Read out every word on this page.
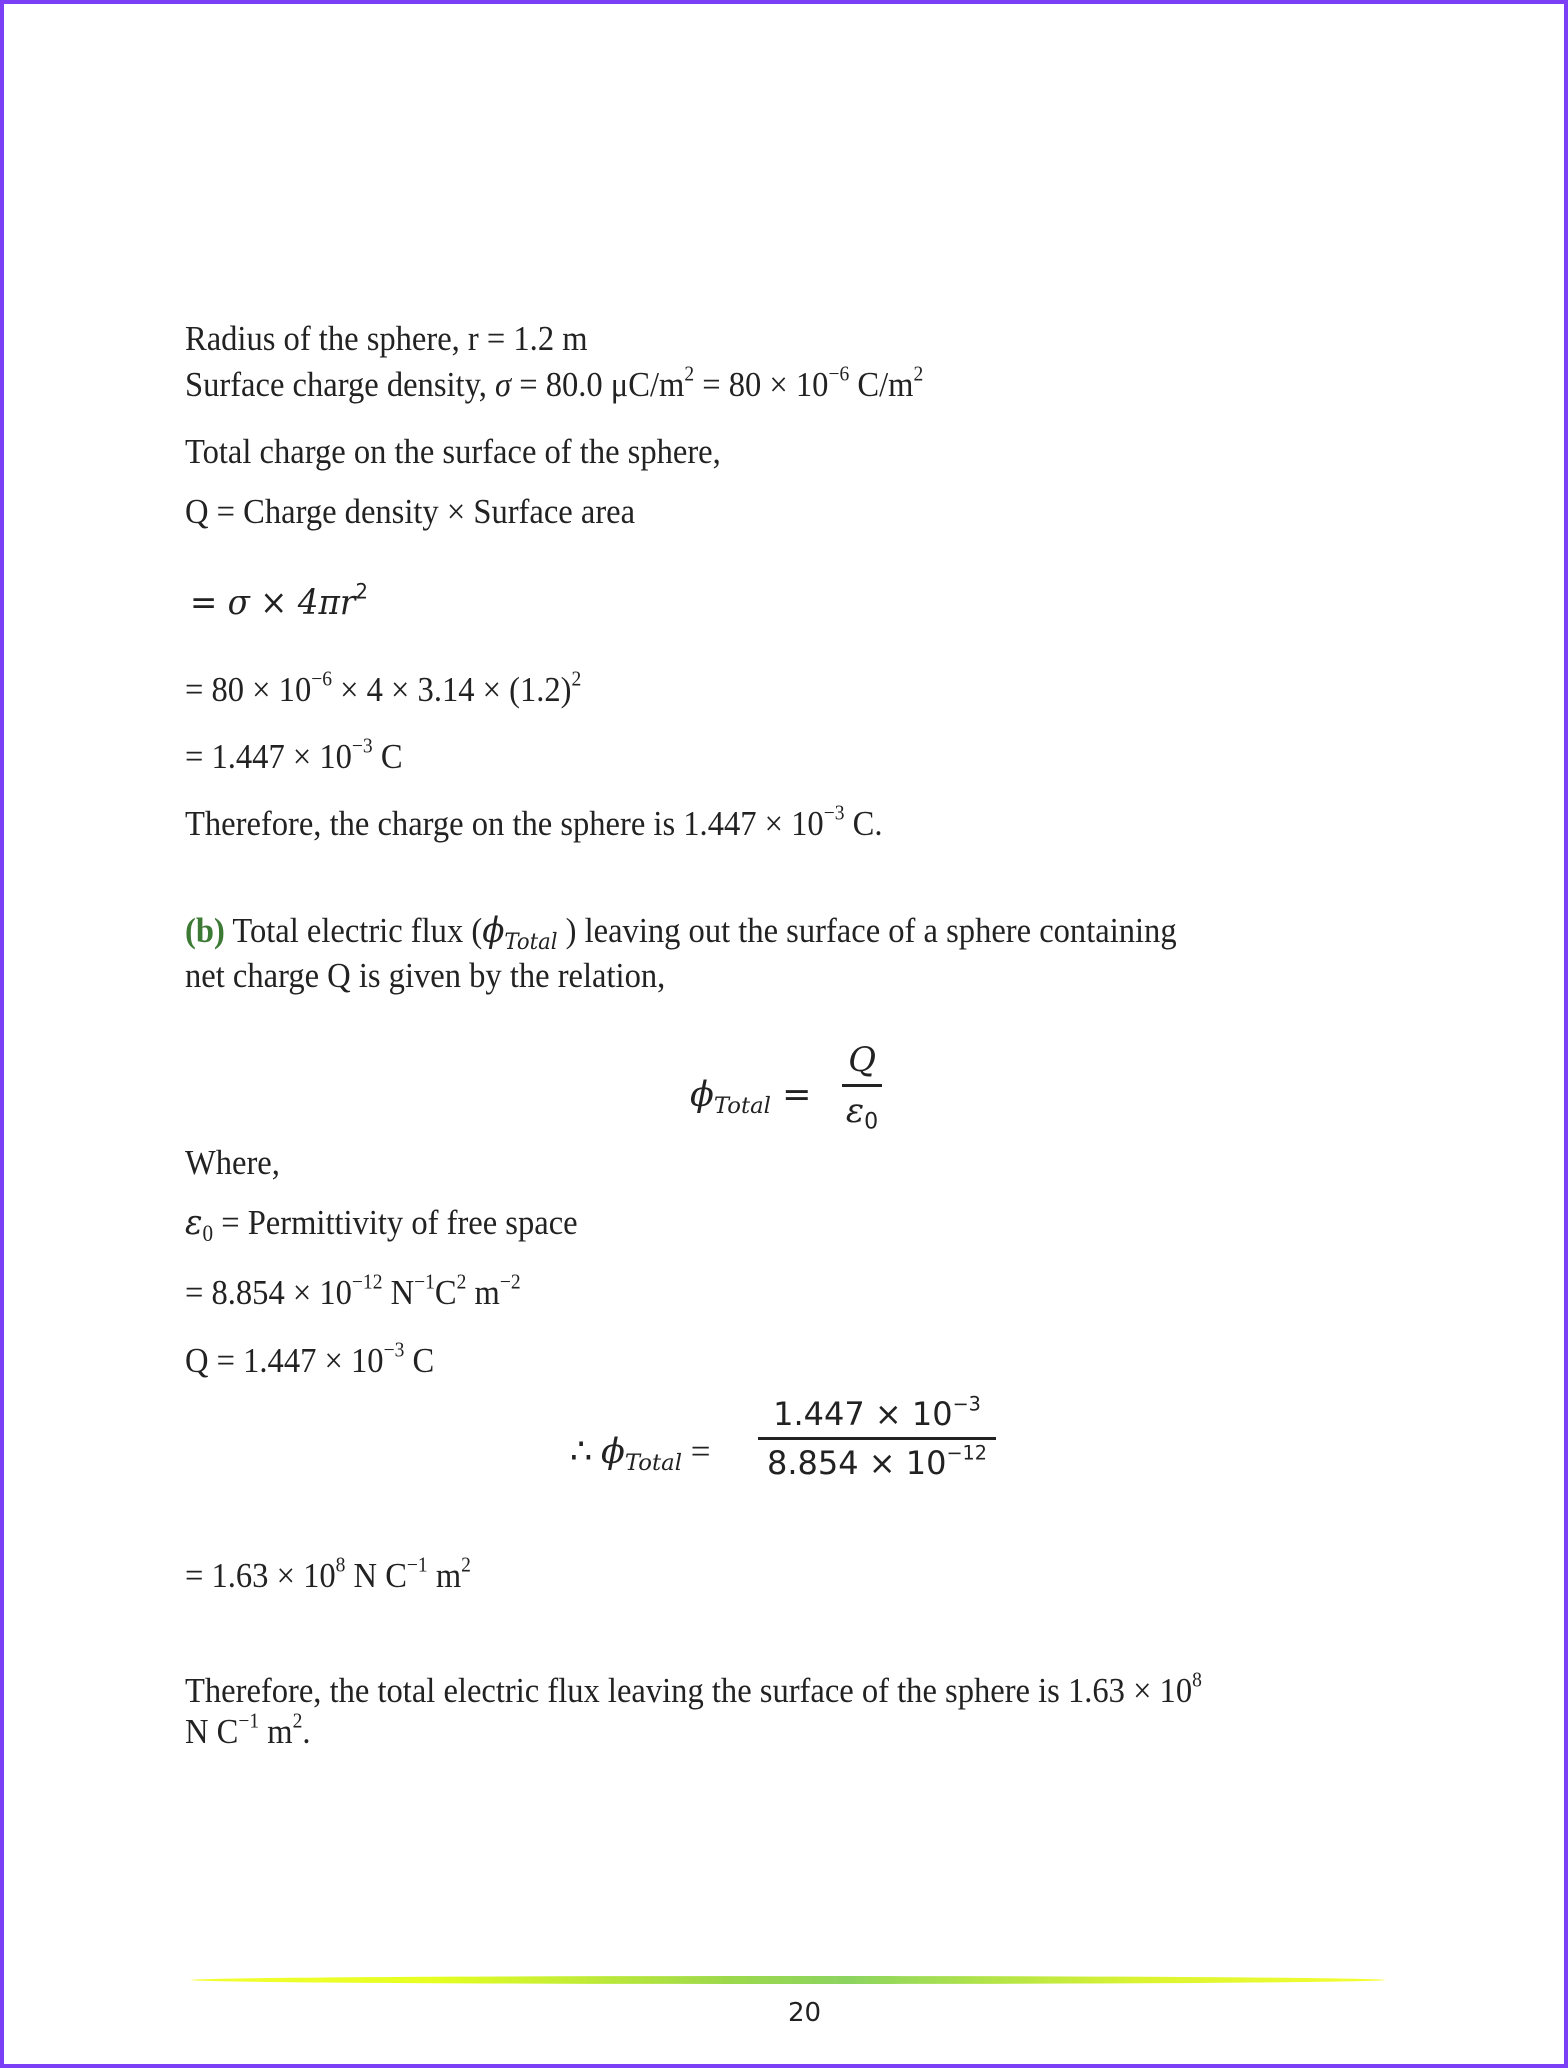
Radius of the sphere, r = 1.2 m
Surface charge density, σ = 80.0 $\mu C/m^2 = 80 \times 10^{-6}$ $C/m^2$
Total charge on the surface of the sphere,
Q = Charge density × Surface area
= $\sigma \times 4\pi r^2$
= $80 \times 10^{-6} \times 4 \times 3.14 \times (1.2)^2$
= $1.447 \times 10^{-3}$ C
Therefore, the charge on the sphere is $1.447 \times 10^{-3}$ C.
(b) Total electric flux ($\phi_{Total}$ ) leaving out the surface of a sphere containing
net charge Q is given by the relation,
$\phi_{Total}$ =
Q
$\varepsilon_0$
Where,
$\varepsilon_0$ = Permittivity of free space
= $8.854 \times 10^{-12}$ $N^{-1}C^2$ $m^{-2}$
$Q = 1.447 \times 10^{-3}$ C
∴ $\phi_{Total}$ =
$1.447 \times 10^{-3}$
$8.854 \times 10^{-12}$
= $1.63 \times 10^8$ N $C^{-1}$ $m^2$
Therefore, the total electric flux leaving the surface of the sphere is $1.63 \times 10^8$
N $C^{-1}$ $m^2$.
20
